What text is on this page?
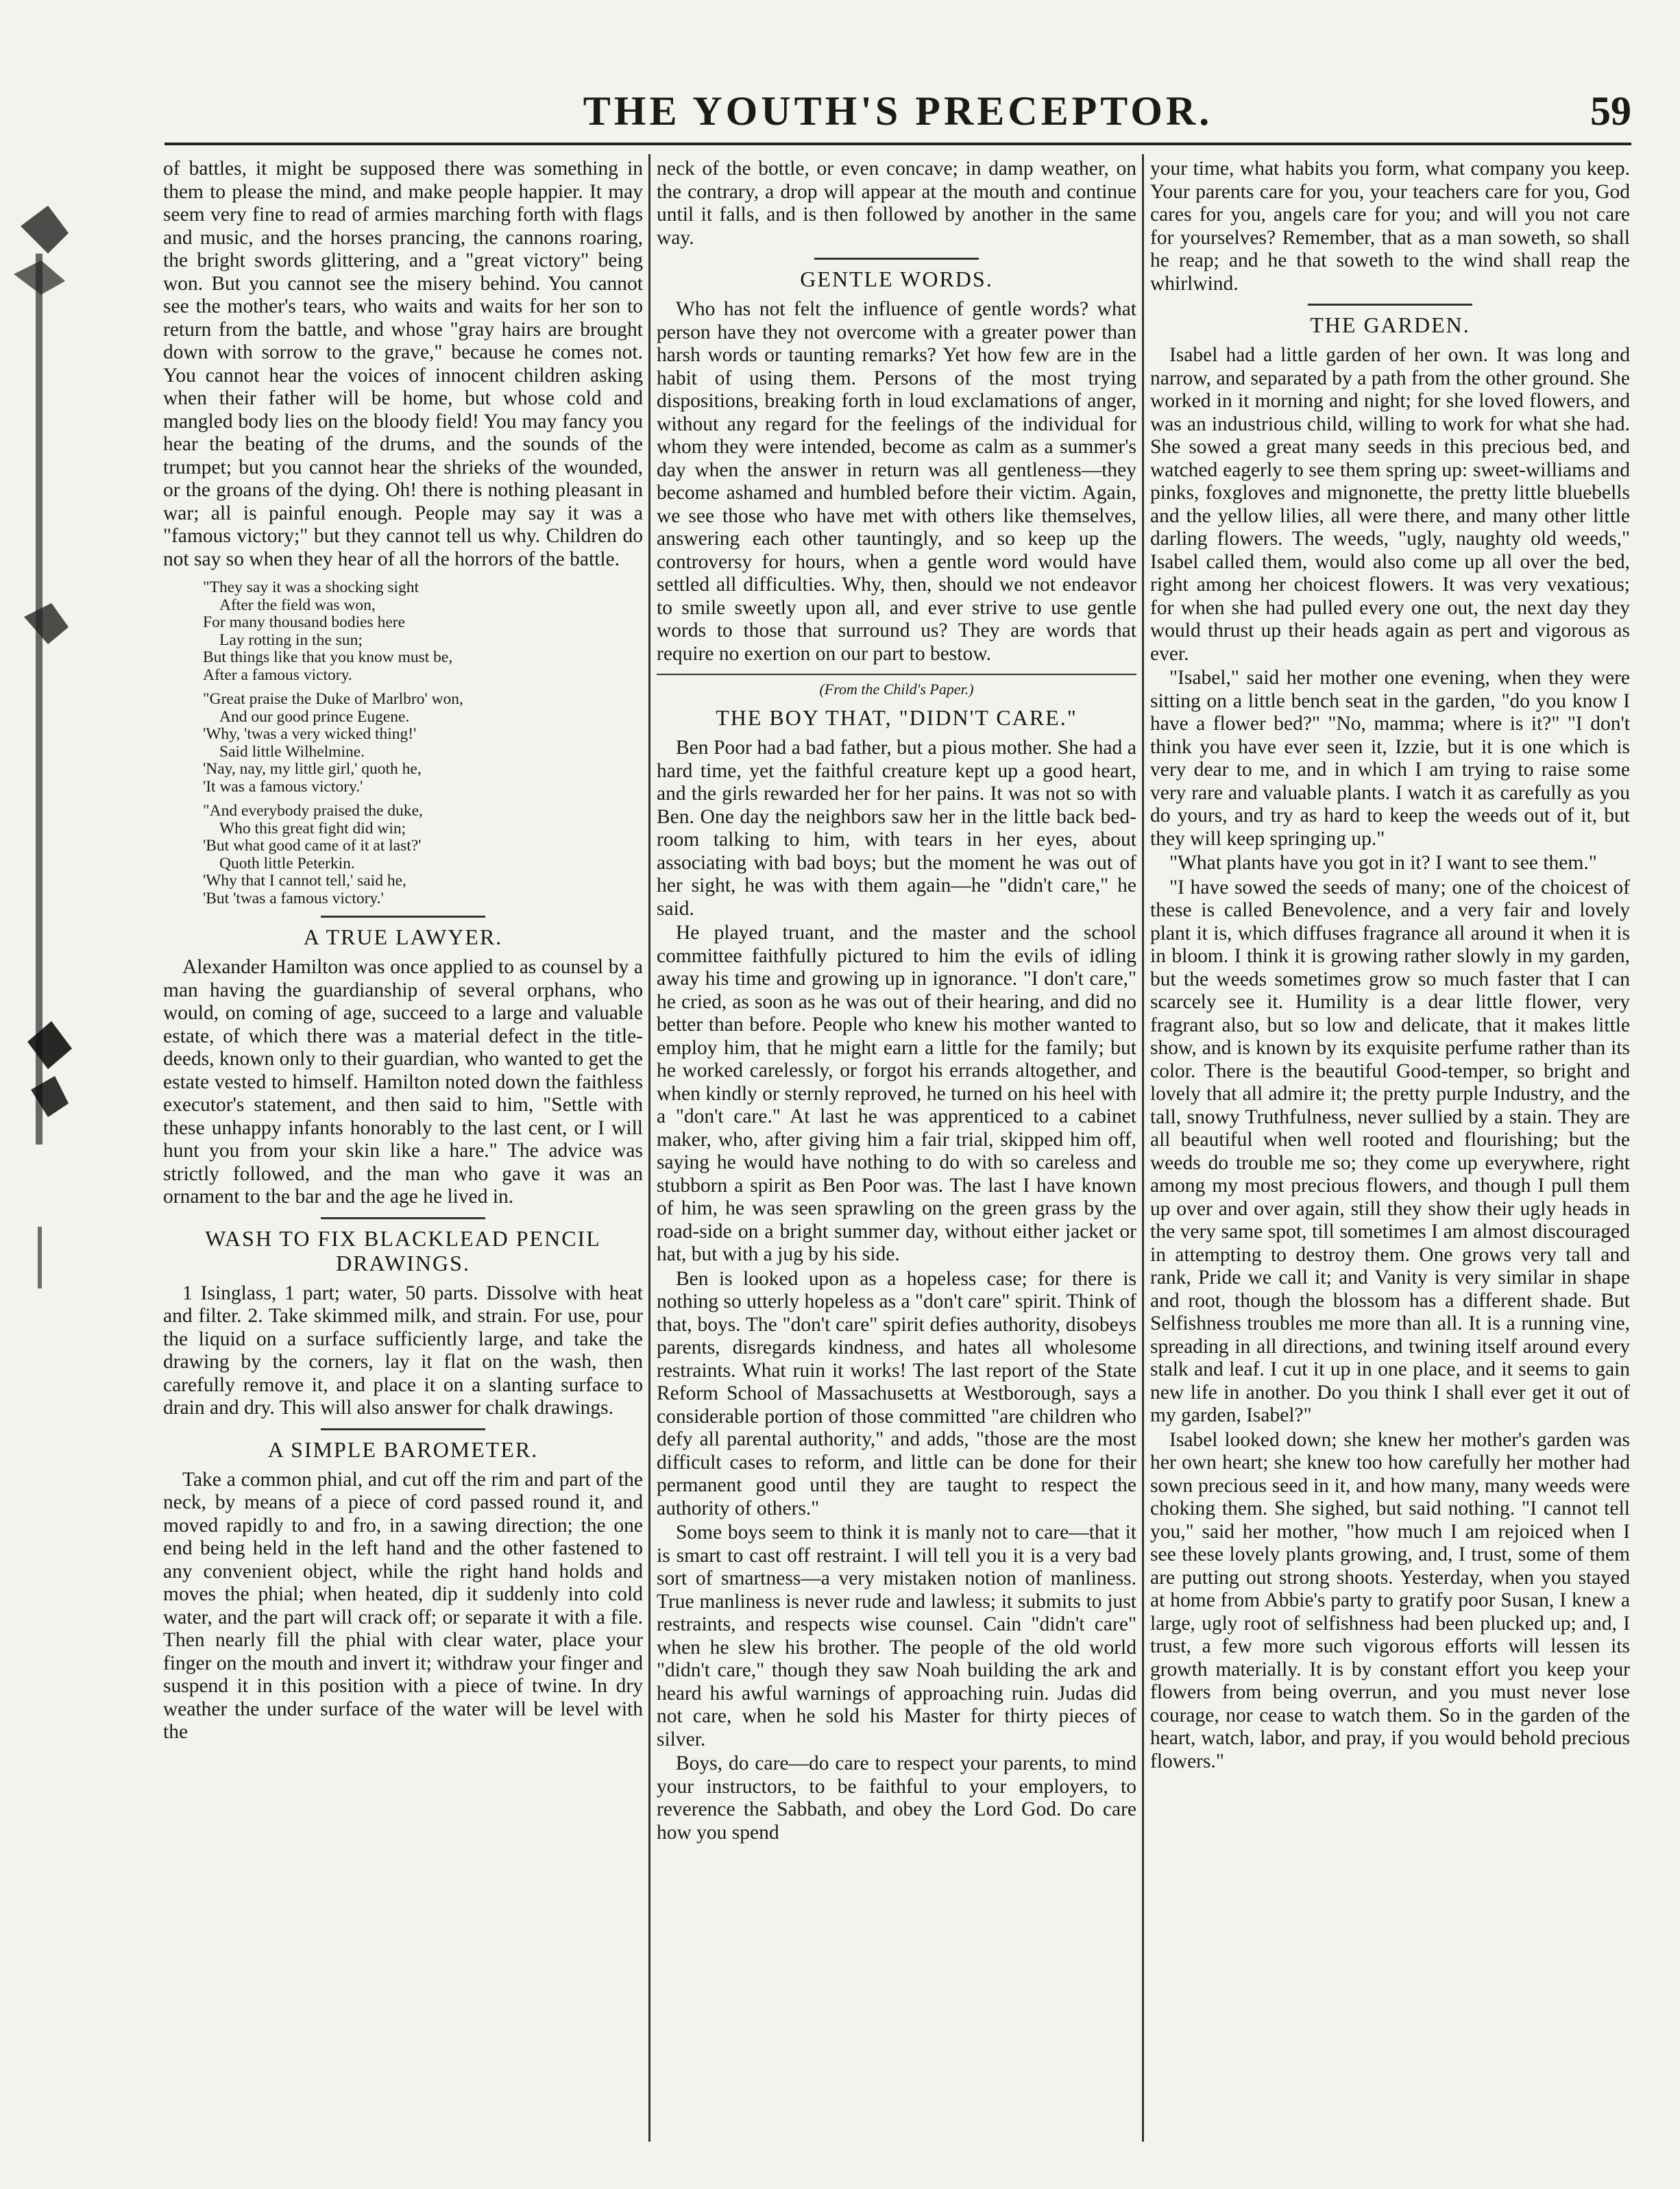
THE YOUTH'S PRECEPTOR.	59

of battles, it might be supposed there was something in them to please the mind, and make people happier. It may seem very fine to read of armies marching forth with flags and music, and the horses prancing, the cannons roaring, the bright swords glittering, and a "great victory" being won. But you cannot see the misery behind. You cannot see the mother's tears, who waits and waits for her son to return from the battle, and whose "gray hairs are brought down with sorrow to the grave," because he comes not. You cannot hear the voices of innocent children asking when their father will be home, but whose cold and mangled body lies on the bloody field! You may fancy you hear the beating of the drums, and the sounds of the trumpet; but you cannot hear the shrieks of the wounded, or the groans of the dying. Oh! there is nothing pleasant in war; all is painful enough. People may say it was a "famous victory;" but they cannot tell us why. Children do not say so when they hear of all the horrors of the battle.

"They say it was a shocking sight
After the field was won,
For many thousand bodies here
Lay rotting in the sun;
But things like that you know must be,
After a famous victory.
"Great praise the Duke of Marlbro' won,
And our good prince Eugene.
'Why, 'twas a very wicked thing!'
Said little Wilhelmine.
'Nay, nay, my little girl,' quoth he,
'It was a famous victory.'
"And everybody praised the duke,
Who this great fight did win;
'But what good came of it at last?'
Quoth little Peterkin.
'Why that I cannot tell,' said he,
'But 'twas a famous victory.'
A TRUE LAWYER.

Alexander Hamilton was once applied to as counsel by a man having the guardianship of several orphans, who would, on coming of age, succeed to a large and valuable estate, of which there was a material defect in the title-deeds, known only to their guardian, who wanted to get the estate vested to himself. Hamilton noted down the faithless executor's statement, and then said to him, "Settle with these unhappy infants honorably to the last cent, or I will hunt you from your skin like a hare." The advice was strictly followed, and the man who gave it was an ornament to the bar and the age he lived in.

WASH TO FIX BLACKLEAD PENCIL DRAWINGS.

1 Isinglass, 1 part; water, 50 parts. Dissolve with heat and filter. 2. Take skimmed milk, and strain. For use, pour the liquid on a surface sufficiently large, and take the drawing by the corners, lay it flat on the wash, then carefully remove it, and place it on a slanting surface to drain and dry. This will also answer for chalk drawings.

A SIMPLE BAROMETER.

Take a common phial, and cut off the rim and part of the neck, by means of a piece of cord passed round it, and moved rapidly to and fro, in a sawing direction; the one end being held in the left hand and the other fastened to any convenient object, while the right hand holds and moves the phial; when heated, dip it suddenly into cold water, and the part will crack off; or separate it with a file. Then nearly fill the phial with clear water, place your finger on the mouth and invert it; withdraw your finger and suspend it in this position with a piece of twine. In dry weather the under surface of the water will be level with the

neck of the bottle, or even concave; in damp weather, on the contrary, a drop will appear at the mouth and continue until it falls, and is then followed by another in the same way.

GENTLE WORDS.

Who has not felt the influence of gentle words? what person have they not overcome with a greater power than harsh words or taunting remarks? Yet how few are in the habit of using them. Persons of the most trying dispositions, breaking forth in loud exclamations of anger, without any regard for the feelings of the individual for whom they were intended, become as calm as a summer's day when the answer in return was all gentleness—they become ashamed and humbled before their victim. Again, we see those who have met with others like themselves, answering each other tauntingly, and so keep up the controversy for hours, when a gentle word would have settled all difficulties. Why, then, should we not endeavor to smile sweetly upon all, and ever strive to use gentle words to those that surround us? They are words that require no exertion on our part to bestow.

(From the Child's Paper.)
THE BOY THAT, "DIDN'T CARE."

Ben Poor had a bad father, but a pious mother. She had a hard time, yet the faithful creature kept up a good heart, and the girls rewarded her for her pains. It was not so with Ben. One day the neighbors saw her in the little back bed-room talking to him, with tears in her eyes, about associating with bad boys; but the moment he was out of her sight, he was with them again—he "didn't care," he said.

He played truant, and the master and the school committee faithfully pictured to him the evils of idling away his time and growing up in ignorance. "I don't care," he cried, as soon as he was out of their hearing, and did no better than before. People who knew his mother wanted to employ him, that he might earn a little for the family; but he worked carelessly, or forgot his errands altogether, and when kindly or sternly reproved, he turned on his heel with a "don't care." At last he was apprenticed to a cabinet maker, who, after giving him a fair trial, skipped him off, saying he would have nothing to do with so careless and stubborn a spirit as Ben Poor was. The last I have known of him, he was seen sprawling on the green grass by the road-side on a bright summer day, without either jacket or hat, but with a jug by his side.

Ben is looked upon as a hopeless case; for there is nothing so utterly hopeless as a "don't care" spirit. Think of that, boys. The "don't care" spirit defies authority, disobeys parents, disregards kindness, and hates all wholesome restraints. What ruin it works! The last report of the State Reform School of Massachusetts at Westborough, says a considerable portion of those committed "are children who defy all parental authority," and adds, "those are the most difficult cases to reform, and little can be done for their permanent good until they are taught to respect the authority of others."

Some boys seem to think it is manly not to care—that it is smart to cast off restraint. I will tell you it is a very bad sort of smartness—a very mistaken notion of manliness. True manliness is never rude and lawless; it submits to just restraints, and respects wise counsel. Cain "didn't care" when he slew his brother. The people of the old world "didn't care," though they saw Noah building the ark and heard his awful warnings of approaching ruin. Judas did not care, when he sold his Master for thirty pieces of silver.

Boys, do care—do care to respect your parents, to mind your instructors, to be faithful to your employers, to reverence the Sabbath, and obey the Lord God. Do care how you spend

your time, what habits you form, what company you keep. Your parents care for you, your teachers care for you, God cares for you, angels care for you; and will you not care for yourselves? Remember, that as a man soweth, so shall he reap; and he that soweth to the wind shall reap the whirlwind.

THE GARDEN.

Isabel had a little garden of her own. It was long and narrow, and separated by a path from the other ground. She worked in it morning and night; for she loved flowers, and was an industrious child, willing to work for what she had. She sowed a great many seeds in this precious bed, and watched eagerly to see them spring up: sweet-williams and pinks, foxgloves and mignonette, the pretty little bluebells and the yellow lilies, all were there, and many other little darling flowers. The weeds, "ugly, naughty old weeds," Isabel called them, would also come up all over the bed, right among her choicest flowers. It was very vexatious; for when she had pulled every one out, the next day they would thrust up their heads again as pert and vigorous as ever.

"Isabel," said her mother one evening, when they were sitting on a little bench seat in the garden, "do you know I have a flower bed?" "No, mamma; where is it?" "I don't think you have ever seen it, Izzie, but it is one which is very dear to me, and in which I am trying to raise some very rare and valuable plants. I watch it as carefully as you do yours, and try as hard to keep the weeds out of it, but they will keep springing up."

"What plants have you got in it? I want to see them."

"I have sowed the seeds of many; one of the choicest of these is called Benevolence, and a very fair and lovely plant it is, which diffuses fragrance all around it when it is in bloom. I think it is growing rather slowly in my garden, but the weeds sometimes grow so much faster that I can scarcely see it. Humility is a dear little flower, very fragrant also, but so low and delicate, that it makes little show, and is known by its exquisite perfume rather than its color. There is the beautiful Good-temper, so bright and lovely that all admire it; the pretty purple Industry, and the tall, snowy Truthfulness, never sullied by a stain. They are all beautiful when well rooted and flourishing; but the weeds do trouble me so; they come up everywhere, right among my most precious flowers, and though I pull them up over and over again, still they show their ugly heads in the very same spot, till sometimes I am almost discouraged in attempting to destroy them. One grows very tall and rank, Pride we call it; and Vanity is very similar in shape and root, though the blossom has a different shade. But Selfishness troubles me more than all. It is a running vine, spreading in all directions, and twining itself around every stalk and leaf. I cut it up in one place, and it seems to gain new life in another. Do you think I shall ever get it out of my garden, Isabel?"

Isabel looked down; she knew her mother's garden was her own heart; she knew too how carefully her mother had sown precious seed in it, and how many, many weeds were choking them. She sighed, but said nothing. "I cannot tell you," said her mother, "how much I am rejoiced when I see these lovely plants growing, and, I trust, some of them are putting out strong shoots. Yesterday, when you stayed at home from Abbie's party to gratify poor Susan, I knew a large, ugly root of selfishness had been plucked up; and, I trust, a few more such vigorous efforts will lessen its growth materially. It is by constant effort you keep your flowers from being overrun, and you must never lose courage, nor cease to watch them. So in the garden of the heart, watch, labor, and pray, if you would behold precious flowers."
